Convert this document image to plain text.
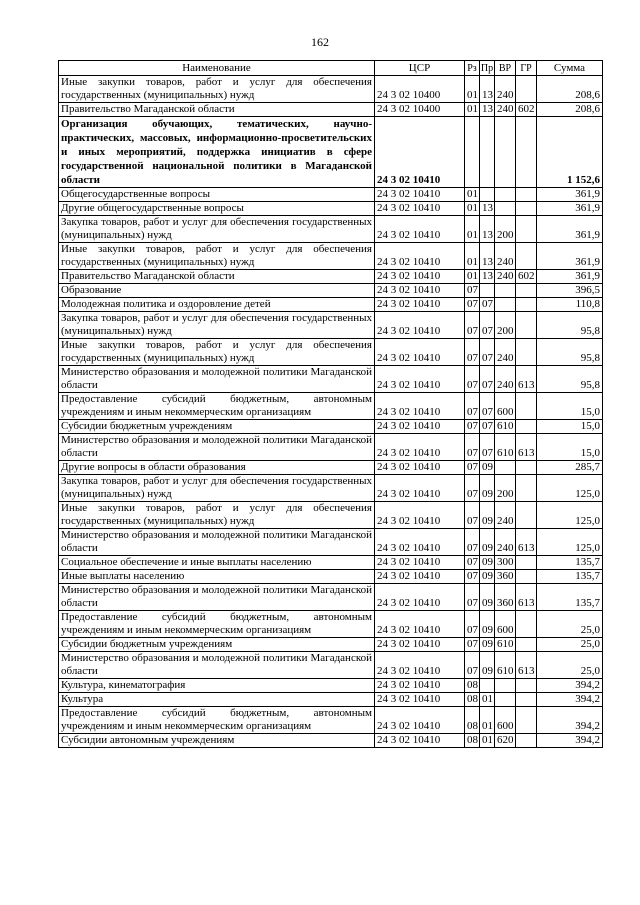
162
Наименование	ЦСР	Рз	Пр	ВР	ГР	Сумма
Иные закупки товаров, работ и услуг для обеспечения государственных (муниципальных) нужд	24 3 02 10400	01	13	240		208,6
Правительство Магаданской области	24 3 02 10400	01	13	240	602	208,6
Организация обучающих, тематических, научно-практических, массовых, информационно-просветительских и иных мероприятий, поддержка инициатив в сфере государственной национальной политики в Магаданской области	24 3 02 10410					1 152,6
Общегосударственные вопросы	24 3 02 10410	01				361,9
Другие общегосударственные вопросы	24 3 02 10410	01	13			361,9
Закупка товаров, работ и услуг для обеспечения государственных (муниципальных) нужд	24 3 02 10410	01	13	200		361,9
Иные закупки товаров, работ и услуг для обеспечения государственных (муниципальных) нужд	24 3 02 10410	01	13	240		361,9
Правительство Магаданской области	24 3 02 10410	01	13	240	602	361,9
Образование	24 3 02 10410	07				396,5
Молодежная политика и оздоровление детей	24 3 02 10410	07	07			110,8
Закупка товаров, работ и услуг для обеспечения государственных (муниципальных) нужд	24 3 02 10410	07	07	200		95,8
Иные закупки товаров, работ и услуг для обеспечения государственных (муниципальных) нужд	24 3 02 10410	07	07	240		95,8
Министерство образования и молодежной политики Магаданской области	24 3 02 10410	07	07	240	613	95,8
Предоставление субсидий бюджетным, автономным учреждениям и иным некоммерческим организациям	24 3 02 10410	07	07	600		15,0
Субсидии бюджетным учреждениям	24 3 02 10410	07	07	610		15,0
Министерство образования и молодежной политики Магаданской области	24 3 02 10410	07	07	610	613	15,0
Другие вопросы в области образования	24 3 02 10410	07	09			285,7
Закупка товаров, работ и услуг для обеспечения государственных (муниципальных) нужд	24 3 02 10410	07	09	200		125,0
Иные закупки товаров, работ и услуг для обеспечения государственных (муниципальных) нужд	24 3 02 10410	07	09	240		125,0
Министерство образования и молодежной политики Магаданской области	24 3 02 10410	07	09	240	613	125,0
Социальное обеспечение и иные выплаты населению	24 3 02 10410	07	09	300		135,7
Иные выплаты населению	24 3 02 10410	07	09	360		135,7
Министерство образования и молодежной политики Магаданской области	24 3 02 10410	07	09	360	613	135,7
Предоставление субсидий бюджетным, автономным учреждениям и иным некоммерческим организациям	24 3 02 10410	07	09	600		25,0
Субсидии бюджетным учреждениям	24 3 02 10410	07	09	610		25,0
Министерство образования и молодежной политики Магаданской области	24 3 02 10410	07	09	610	613	25,0
Культура, кинематография	24 3 02 10410	08				394,2
Культура	24 3 02 10410	08	01			394,2
Предоставление субсидий бюджетным, автономным учреждениям и иным некоммерческим организациям	24 3 02 10410	08	01	600		394,2
Субсидии автономным учреждениям	24 3 02 10410	08	01	620		394,2
